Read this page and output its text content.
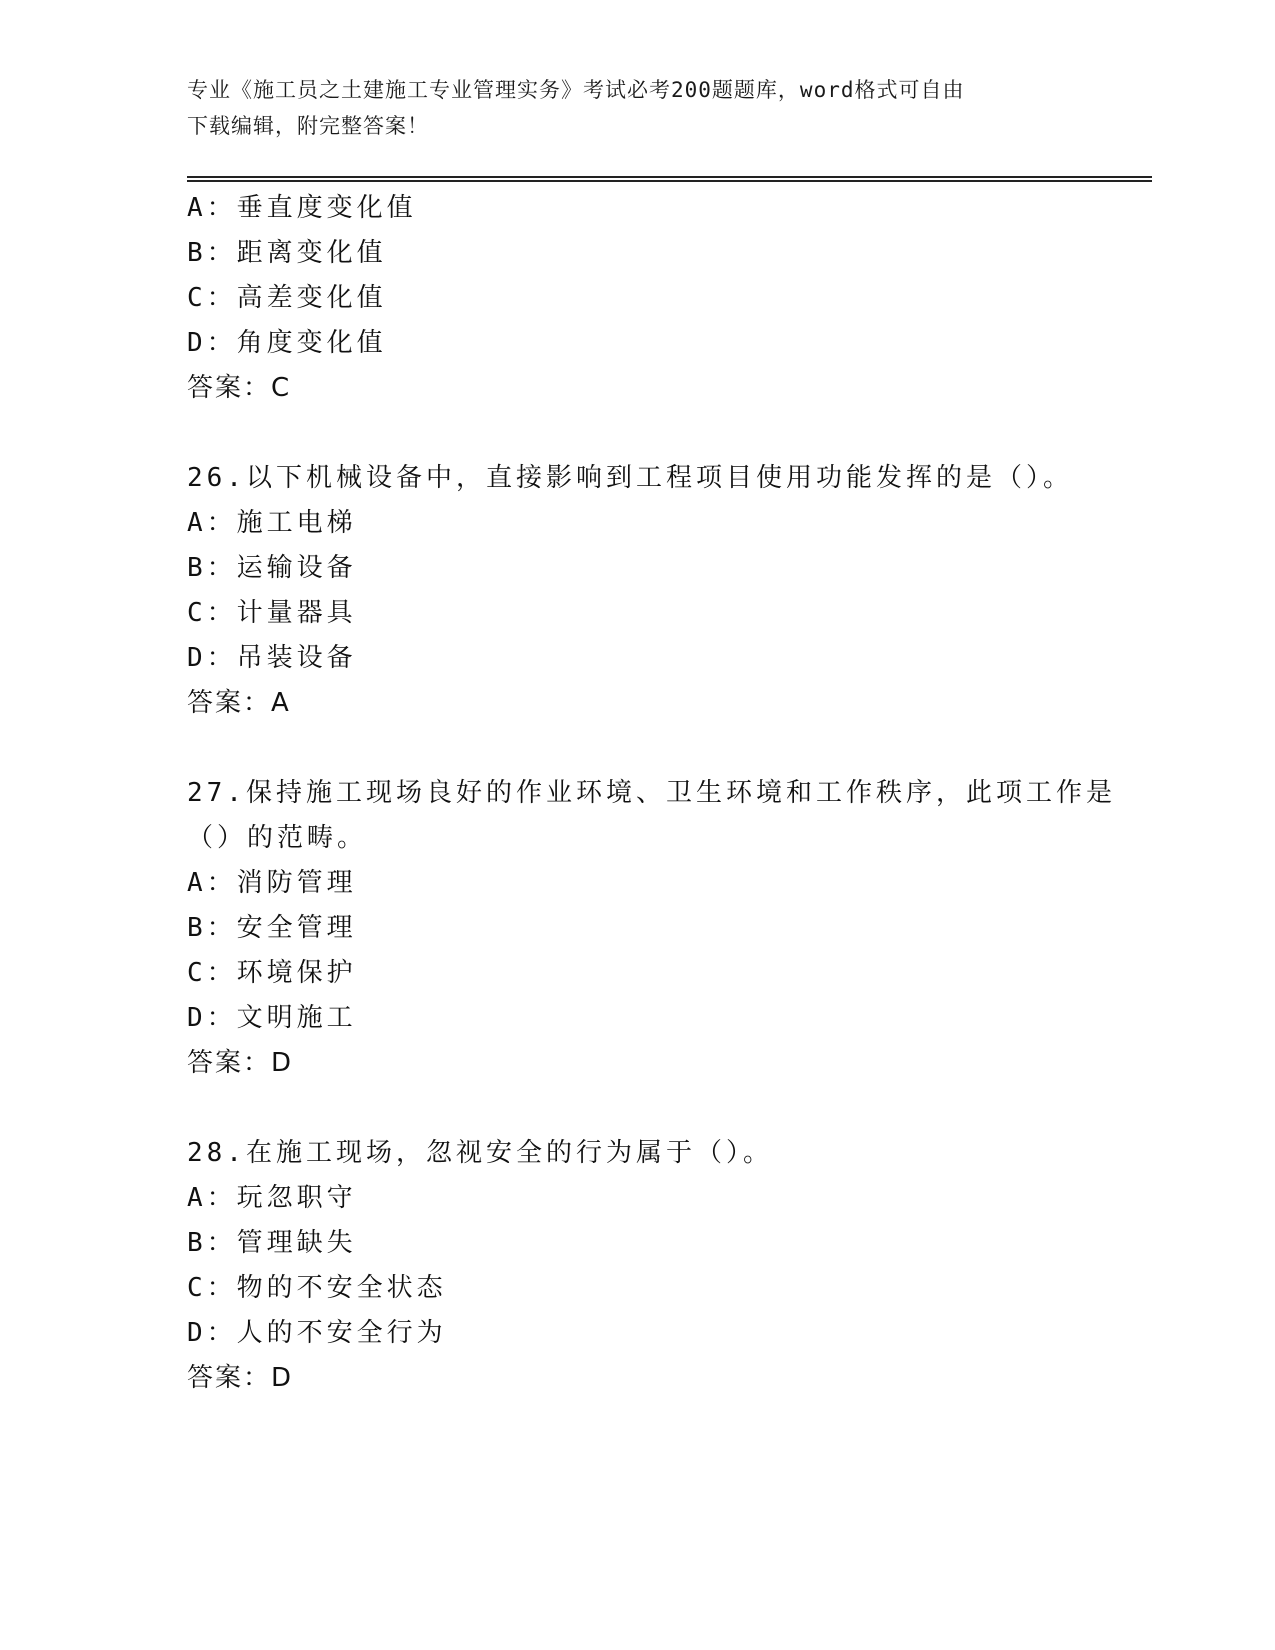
专业《施工员之土建施工专业管理实务》考试必考200题题库，word格式可自由

下载编辑，附完整答案！

A：垂直度变化值
B：距离变化值
C：高差变化值
D：角度变化值
答案：C
26.以下机械设备中，直接影响到工程项目使用功能发挥的是（）。
A：施工电梯
B：运输设备
C：计量器具
D：吊装设备
答案：A
27.保持施工现场良好的作业环境、卫生环境和工作秩序，此项工作是
（）的范畴。
A：消防管理
B：安全管理
C：环境保护
D：文明施工
答案：D
28.在施工现场，忽视安全的行为属于（）。
A：玩忽职守
B：管理缺失
C：物的不安全状态
D：人的不安全行为
答案：D
